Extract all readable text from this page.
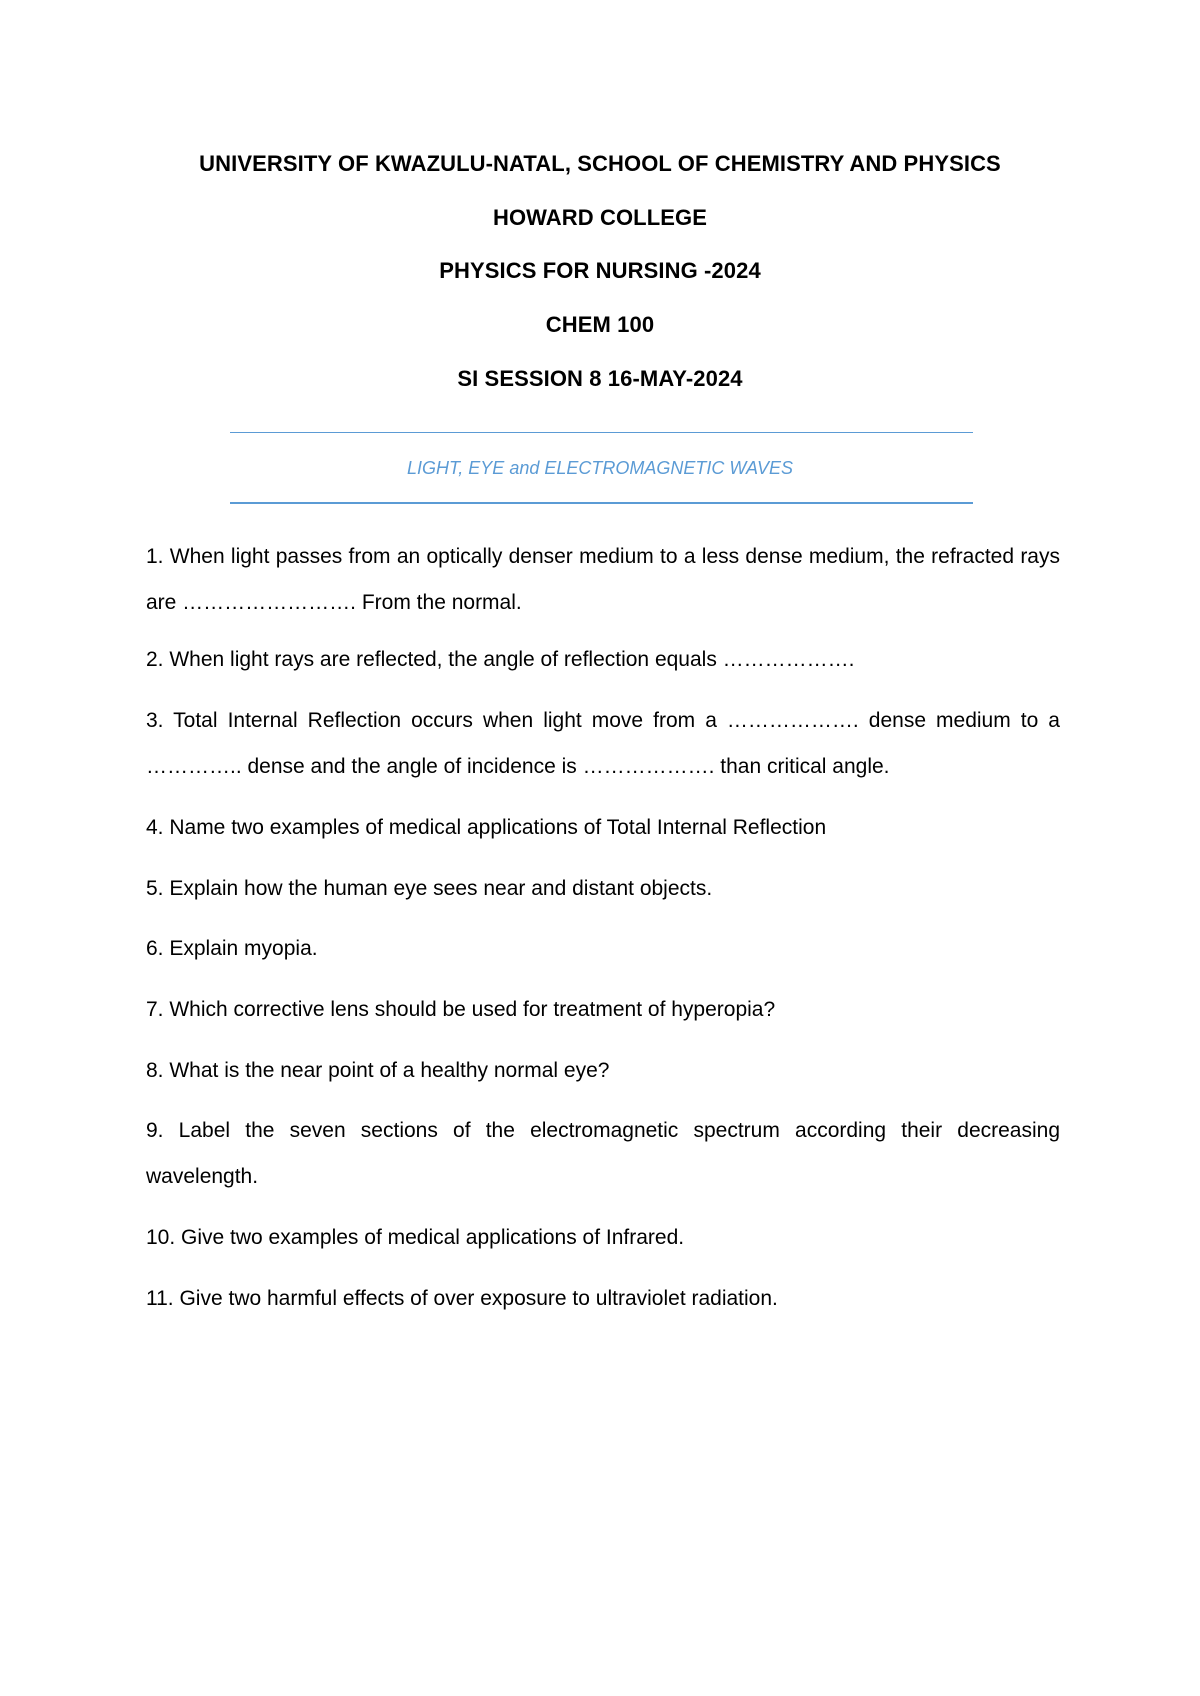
UNIVERSITY OF KWAZULU-NATAL, SCHOOL OF CHEMISTRY AND PHYSICS
HOWARD COLLEGE
PHYSICS FOR NURSING -2024
CHEM 100
SI SESSION 8 16-MAY-2024
LIGHT, EYE and ELECTROMAGNETIC WAVES
1. When light passes from an optically denser medium to a less dense medium, the refracted rays are ……………………. From the normal.
2. When light rays are reflected, the angle of reflection equals ……………….
3. Total Internal Reflection occurs when light move from a ………………. dense medium to a ………….. dense and the angle of incidence is ………………. than critical angle.
4. Name two examples of medical applications of Total Internal Reflection
5. Explain how the human eye sees near and distant objects.
6. Explain myopia.
7. Which corrective lens should be used for treatment of hyperopia?
8. What is the near point of a healthy normal eye?
9. Label the seven sections of the electromagnetic spectrum according their decreasing wavelength.
10. Give two examples of medical applications of Infrared.
11. Give two harmful effects of over exposure to ultraviolet radiation.
